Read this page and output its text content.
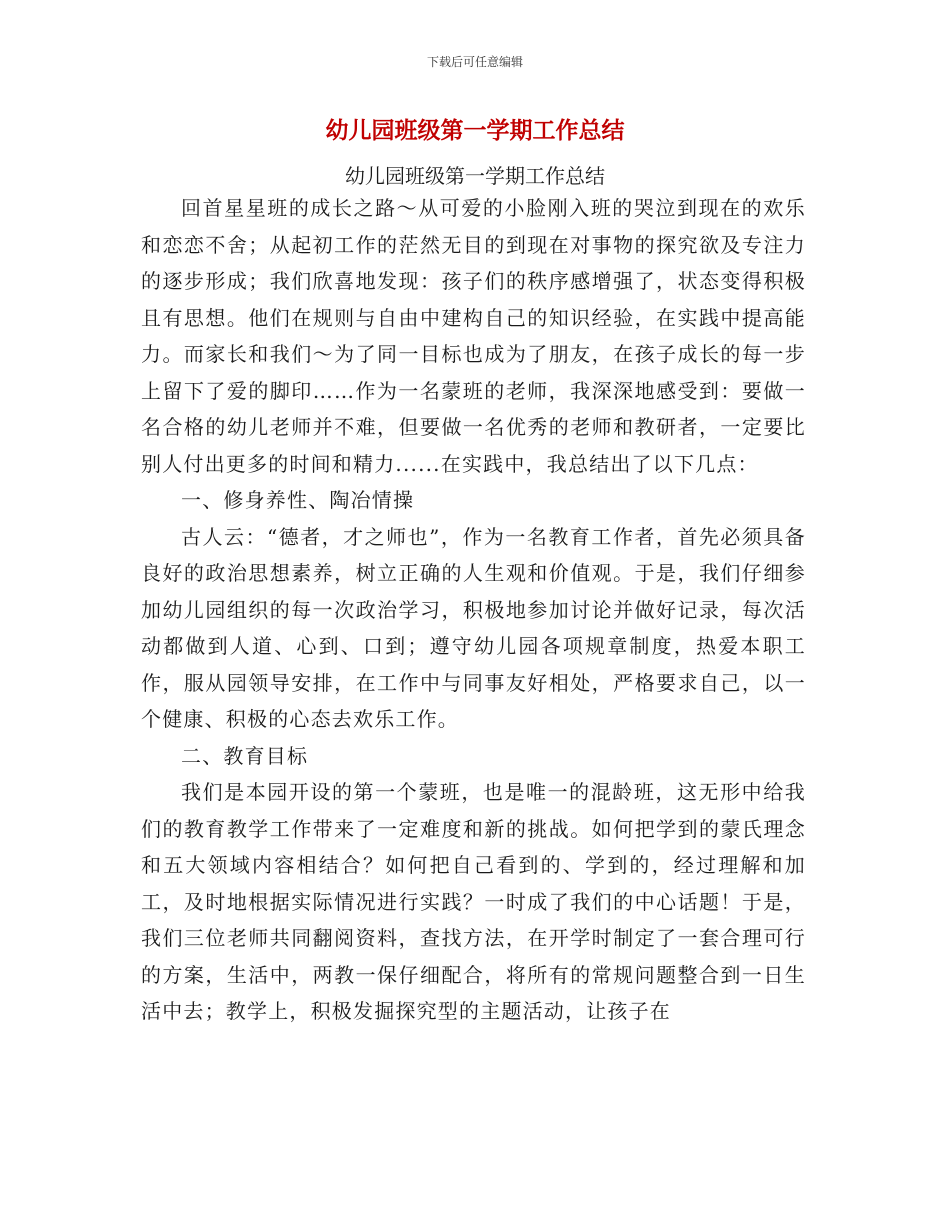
下载后可任意编辑
幼儿园班级第一学期工作总结
幼儿园班级第一学期工作总结

回首星星班的成长之路～从可爱的小脸刚入班的哭泣到现在的欢乐和恋恋不舍；从起初工作的茫然无目的到现在对事物的探究欲及专注力的逐步形成；我们欣喜地发现：孩子们的秩序感增强了，状态变得积极且有思想。他们在规则与自由中建构自己的知识经验，在实践中提高能力。而家长和我们～为了同一目标也成为了朋友，在孩子成长的每一步上留下了爱的脚印……作为一名蒙班的老师，我深深地感受到：要做一名合格的幼儿老师并不难，但要做一名优秀的老师和教研者，一定要比别人付出更多的时间和精力......在实践中，我总结出了以下几点：

一、修身养性、陶冶情操

古人云：“德者，才之师也”，作为一名教育工作者，首先必须具备良好的政治思想素养，树立正确的人生观和价值观。于是，我们仔细参加幼儿园组织的每一次政治学习，积极地参加讨论并做好记录，每次活动都做到人道、心到、口到；遵守幼儿园各项规章制度，热爱本职工作，服从园领导安排，在工作中与同事友好相处，严格要求自己，以一个健康、积极的心态去欢乐工作。

二、教育目标

我们是本园开设的第一个蒙班，也是唯一的混龄班，这无形中给我们的教育教学工作带来了一定难度和新的挑战。如何把学到的蒙氏理念和五大领域内容相结合？如何把自己看到的、学到的，经过理解和加工，及时地根据实际情况进行实践？一时成了我们的中心话题！于是，我们三位老师共同翻阅资料，查找方法，在开学时制定了一套合理可行的方案，生活中，两教一保仔细配合，将所有的常规问题整合到一日生活中去；教学上，积极发掘探究型的主题活动，让孩子在
